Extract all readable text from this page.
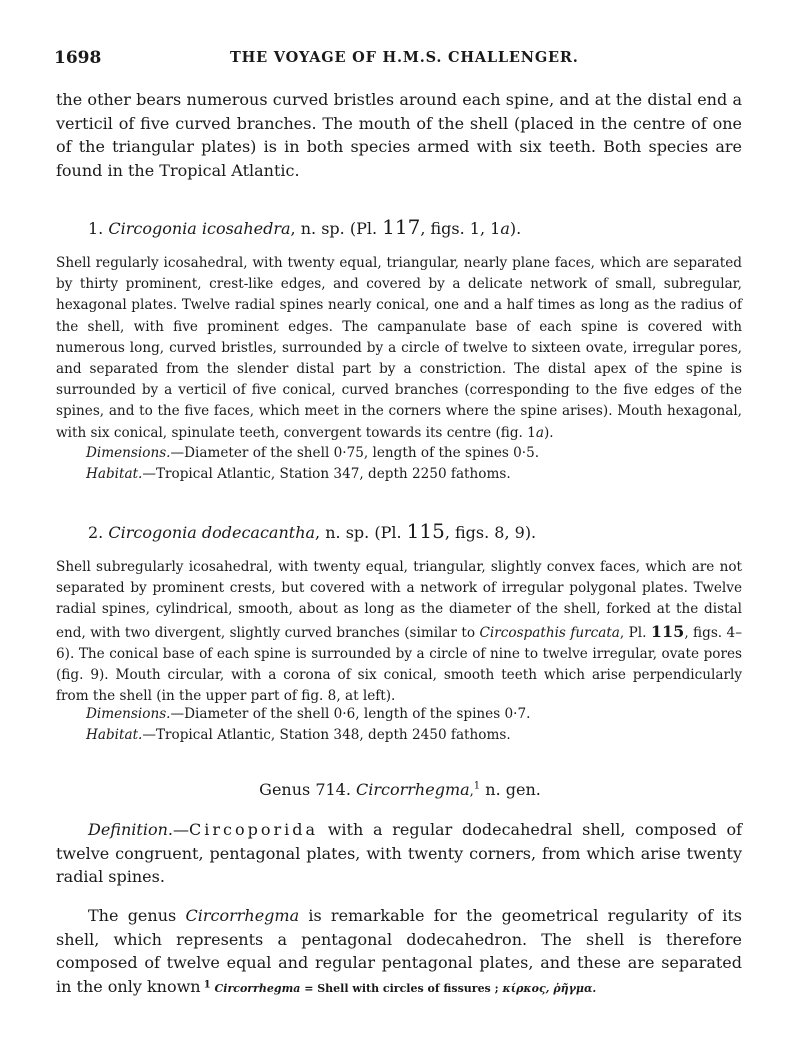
1698	THE VOYAGE OF H.M.S. CHALLENGER.
the other bears numerous curved bristles around each spine, and at the distal end a verticil of five curved branches. The mouth of the shell (placed in the centre of one of the triangular plates) is in both species armed with six teeth. Both species are found in the Tropical Atlantic.
1. Circogonia icosahedra, n. sp. (Pl. 117, figs. 1, 1a).
Shell regularly icosahedral, with twenty equal, triangular, nearly plane faces, which are separated by thirty prominent, crest-like edges, and covered by a delicate network of small, subregular, hexagonal plates. Twelve radial spines nearly conical, one and a half times as long as the radius of the shell, with five prominent edges. The campanulate base of each spine is covered with numerous long, curved bristles, surrounded by a circle of twelve to sixteen ovate, irregular pores, and separated from the slender distal part by a constriction. The distal apex of the spine is surrounded by a verticil of five conical, curved branches (corresponding to the five edges of the spines, and to the five faces, which meet in the corners where the spine arises). Mouth hexagonal, with six conical, spinulate teeth, convergent towards its centre (fig. 1a).
Dimensions.—Diameter of the shell 0·75, length of the spines 0·5.
Habitat.—Tropical Atlantic, Station 347, depth 2250 fathoms.
2. Circogonia dodecacantha, n. sp. (Pl. 115, figs. 8, 9).
Shell subregularly icosahedral, with twenty equal, triangular, slightly convex faces, which are not separated by prominent crests, but covered with a network of irregular polygonal plates. Twelve radial spines, cylindrical, smooth, about as long as the diameter of the shell, forked at the distal end, with two divergent, slightly curved branches (similar to Circospathis furcata, Pl. 115, figs. 4–6). The conical base of each spine is surrounded by a circle of nine to twelve irregular, ovate pores (fig. 9). Mouth circular, with a corona of six conical, smooth teeth which arise perpendicularly from the shell (in the upper part of fig. 8, at left).
Dimensions.—Diameter of the shell 0·6, length of the spines 0·7.
Habitat.—Tropical Atlantic, Station 348, depth 2450 fathoms.
Genus 714. Circorrhegma,$^1$ n. gen.
Definition.—Circoporida with a regular dodecahedral shell, composed of twelve congruent, pentagonal plates, with twenty corners, from which arise twenty radial spines.
The genus Circorrhegma is remarkable for the geometrical regularity of its shell, which represents a pentagonal dodecahedron. The shell is therefore composed of twelve equal and regular pentagonal plates, and these are separated in the only known $^1$ Circorrhegma = Shell with circles of fissures ; κίρκος, ῥῆγμα.
